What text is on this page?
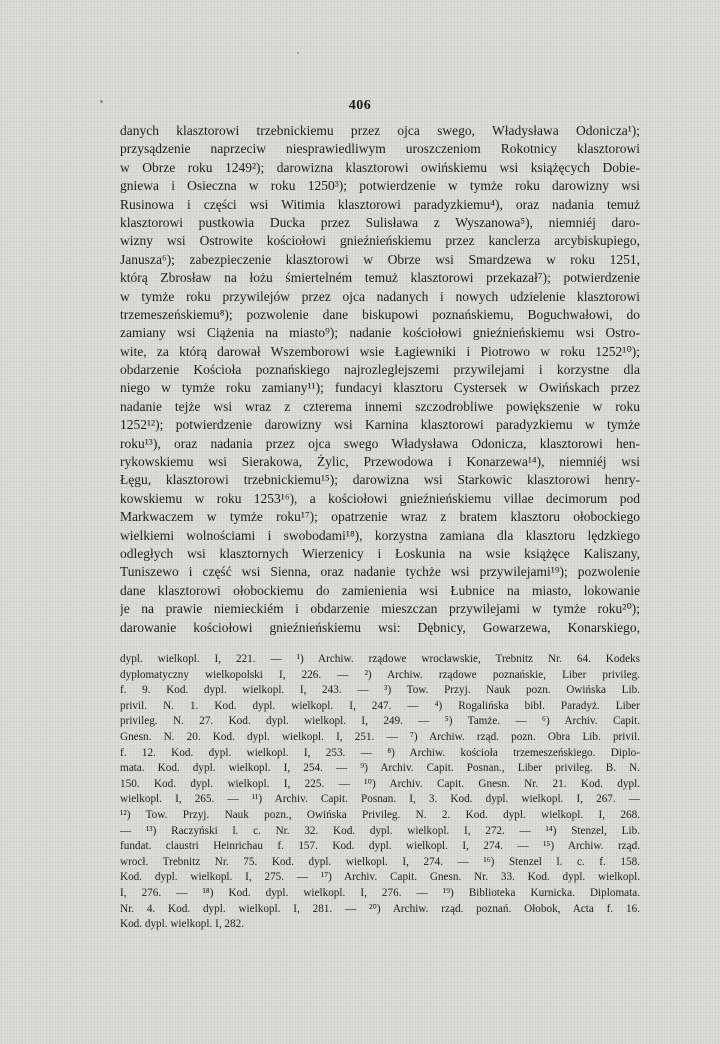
406
danych klasztorowi trzebnickiemu przez ojca swego, Władysława Odonicza¹);
przysądzenie naprzeciw niesprawiedliwym uroszczeniom Rokotnicy klasztorowi
w Obrze roku 1249²); darowizna klasztorowi owińskiemu wsi książęcych Dobie-
gniewa i Osieczna w roku 1250³); potwierdzenie w tymże roku darowizny wsi
Rusinowa i części wsi Witimia klasztorowi paradyzkiemu⁴), oraz nadania temuż
klasztorowi pustkowia Ducka przez Sulisława z Wyszanowa⁵), niemniéj daro-
wizny wsi Ostrowite kościołowi gnieźnieńskiemu przez kanclerza arcybiskupiego,
Janusza⁶); zabezpieczenie klasztorowi w Obrze wsi Smardzewa w roku 1251,
którą Zbrosław na łożu śmiertelném temuż klasztorowi przekazał⁷); potwierdzenie
w tymże roku przywilejów przez ojca nadanych i nowych udzielenie klasztorowi
trzemeszeńskiemu⁸); pozwolenie dane biskupowi poznańskiemu, Boguchwałowi, do
zamiany wsi Ciążenia na miasto⁹); nadanie kościołowi gnieźnieńskiemu wsi Ostro-
wite, za którą darował Wszemborowi wsie Łagiewniki i Piotrowo w roku 1252¹⁰);
obdarzenie Kościoła poznańskiego najrozleglejszemi przywilejami i korzystne dla
niego w tymże roku zamiany¹¹); fundacyi klasztoru Cystersek w Owińskach przez
nadanie tejże wsi wraz z czterema innemi szczodrobliwe powiększenie w roku
1252¹²); potwierdzenie darowizny wsi Karnina klasztorowi paradyzkiemu w tymże
roku¹³), oraz nadania przez ojca swego Władysława Odonicza, klasztorowi hen-
rykowskiemu wsi Sierakowa, Żylic, Przewodowa i Konarzewa¹⁴), niemniéj wsi
Łęgu, klasztorowi trzebnickiemu¹⁵); darowizna wsi Starkowic klasztorowi henry-
kowskiemu w roku 1253¹⁶), a kościołowi gnieźnieńskiemu villae decimorum pod
Markwaczem w tymże roku¹⁷); opatrzenie wraz z bratem klasztoru ołobockiego
wielkiemi wolnościami i swobodami¹⁸), korzystna zamiana dla klasztoru lędzkiego
odległych wsi klasztornych Wierzenicy i Łoskunia na wsie książęce Kaliszany,
Tuniszewo i część wsi Sienna, oraz nadanie tychże wsi przywilejami¹⁹); pozwolenie
dane klasztorowi ołobockiemu do zamienienia wsi Łubnice na miasto, lokowanie
je na prawie niemieckiém i obdarzenie mieszczan przywilejami w tymże roku²⁰);
darowanie kościołowi gnieźnieńskiemu wsi: Dębnicy, Gowarzewa, Konarskiego,
dypl. wielkopl. I, 221. — ¹) Archiw. rządowe wrocławskie, Trebnitz Nr. 64. Kodeks
dyplomatyczny wielkopolski I, 226. — ²) Archiw. rządowe poznańskie, Liber privileg.
f. 9. Kod. dypl. wielkopl. I, 243. — ³) Tow. Przyj. Nauk pozn. Owińska Lib.
privil. N. 1. Kod. dypl. wielkopl. I, 247. — ⁴) Rogalińska bibl. Paradyż. Liber
privileg. N. 27. Kod. dypl. wielkopl. I, 249. — ⁵) Tamże. — ⁶) Archiv. Capit.
Gnesn. N. 20. Kod. dypl. wielkopl. I, 251. — ⁷) Archiw. rząd. pozn. Obra Lib. privil.
f. 12. Kod. dypl. wielkopl. I, 253. — ⁸) Archiw. kościoła trzemeszeńskiego. Diplo-
mata. Kod. dypl. wielkopl. I, 254. — ⁹) Archiv. Capit. Posnan., Liber privileg. B. N.
150. Kod. dypl. wielkopl. I, 225. — ¹⁰) Archiv. Capit. Gnesn. Nr. 21. Kod. dypl.
wielkopl. I, 265. — ¹¹) Archiv. Capit. Posnan. I, 3. Kod. dypl. wielkopl. I, 267. —
¹²) Tow. Przyj. Nauk pozn., Owińska Privileg. N. 2. Kod. dypl. wielkopl. I, 268.
— ¹³) Raczyński l. c. Nr. 32. Kod. dypl. wielkopl. I, 272. — ¹⁴) Stenzel, Lib.
fundat. claustri Heinrichau f. 157. Kod. dypl. wielkopl. I, 274. — ¹⁵) Archiw. rząd.
wrocł. Trebnitz Nr. 75. Kod. dypl. wielkopl. I, 274. — ¹⁶) Stenzel l. c. f. 158.
Kod. dypl. wielkopl. I, 275. — ¹⁷) Archiv. Capit. Gnesn. Nr. 33. Kod. dypl. wielkopl.
I, 276. — ¹⁸) Kod. dypl. wielkopl. I, 276. — ¹⁹) Biblioteka Kurnicka. Diplomata.
Nr. 4. Kod. dypl. wielkopl. I, 281. — ²⁰) Archiw. rząd. poznań. Ołobok, Acta f. 16.
Kod. dypl. wielkopl. I, 282.
